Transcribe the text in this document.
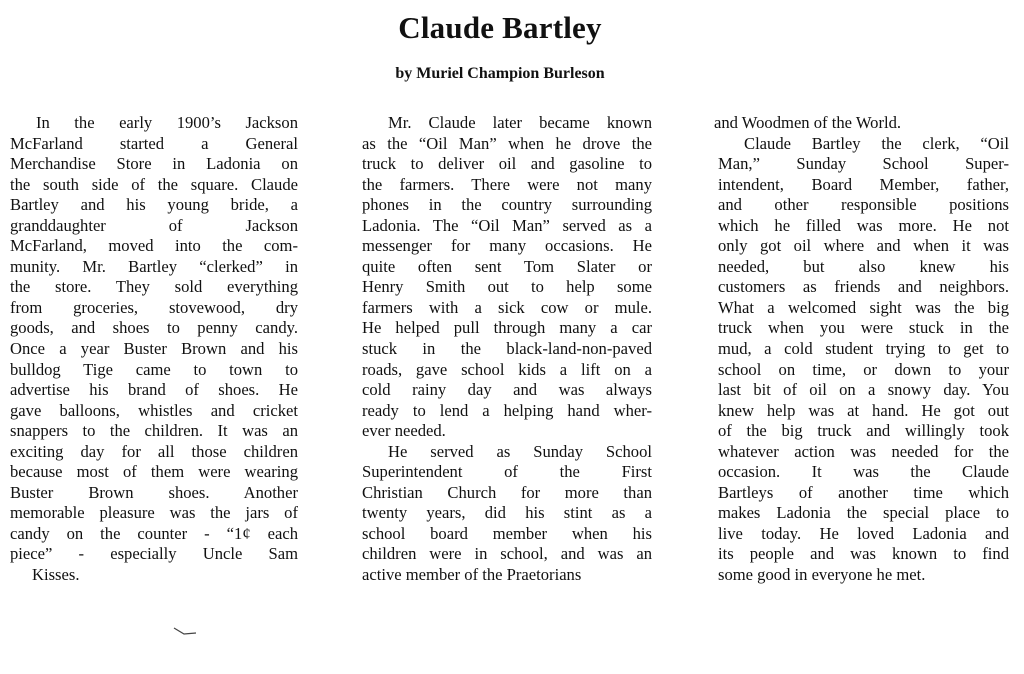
Claude Bartley
by Muriel Champion Burleson
In the early 1900’s Jackson
McFarland started a General
Merchandise Store in Ladonia on
the south side of the square. Claude
Bartley and his young bride, a
granddaughter of Jackson
McFarland, moved into the com-
munity. Mr. Bartley “clerked” in
the store. They sold everything
from groceries, stovewood, dry
goods, and shoes to penny candy.
Once a year Buster Brown and his
bulldog Tige came to town to
advertise his brand of shoes. He
gave balloons, whistles and cricket
snappers to the children. It was an
exciting day for all those children
because most of them were wearing
Buster Brown shoes. Another
memorable pleasure was the jars of
candy on the counter - “1¢ each
piece” - especially Uncle Sam
Kisses.
Mr. Claude later became known
as the “Oil Man” when he drove the
truck to deliver oil and gasoline to
the farmers. There were not many
phones in the country surrounding
Ladonia. The “Oil Man” served as a
messenger for many occasions. He
quite often sent Tom Slater or
Henry Smith out to help some
farmers with a sick cow or mule.
He helped pull through many a car
stuck in the black-land-non-paved
roads, gave school kids a lift on a
cold rainy day and was always
ready to lend a helping hand wher-
ever needed.
He served as Sunday School
Superintendent of the First
Christian Church for more than
twenty years, did his stint as a
school board member when his
children were in school, and was an
active member of the Praetorians
and Woodmen of the World.
Claude Bartley the clerk, “Oil
Man,” Sunday School Super-
intendent, Board Member, father,
and other responsible positions
which he filled was more. He not
only got oil where and when it was
needed, but also knew his
customers as friends and neighbors.
What a welcomed sight was the big
truck when you were stuck in the
mud, a cold student trying to get to
school on time, or down to your
last bit of oil on a snowy day. You
knew help was at hand. He got out
of the big truck and willingly took
whatever action was needed for the
occasion. It was the Claude
Bartleys of another time which
makes Ladonia the special place to
live today. He loved Ladonia and
its people and was known to find
some good in everyone he met.
